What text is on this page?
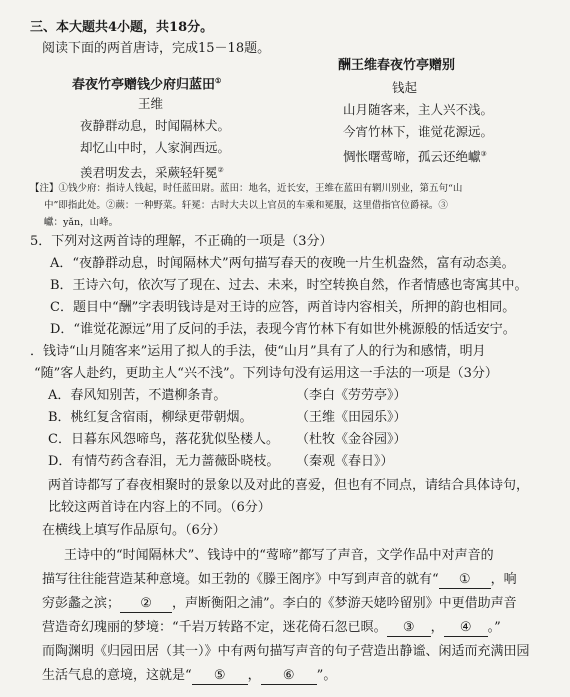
三、本大题共4小题，共18分。
阅读下面的两首唐诗，完成15－18题。
春夜竹亭赠钱少府归蓝田①
王维
夜静群动息，时闻隔林犬。
却忆山中时，人家涧西远。
羡君明发去，采蕨轻轩冕②
酬王维春夜竹亭赠别
钱起
山月随客来，主人兴不浅。
今宵竹林下，谁觉花源远。
惆怅曙莺啼，孤云还绝巘③
【注】①钱少府：指诗人钱起，时任蓝田尉。蓝田：地名，近长安，王维在蓝田有辋川别业，第五句“山
中”即指此处。②蕨：一种野菜。轩冕：古时大夫以上官员的车乘和冕服，这里借指官位爵禄。③
巘：yǎn，山峰。
5．下列对这两首诗的理解，不正确的一项是（3分）
A．“夜静群动息，时闻隔林犬”两句描写春天的夜晚一片生机盎然，富有动态美。
B．王诗六句，依次写了现在、过去、未来，时空转换自然，作者情感也寄寓其中。
C．题目中“酬”字表明钱诗是对王诗的应答，两首诗内容相关，所押的韵也相同。
D．“谁觉花源远”用了反问的手法，表现今宵竹林下有如世外桃源般的恬适安宁。
．钱诗“山月随客来”运用了拟人的手法，使“山月”具有了人的行为和感情，明月
“随”客人赴约，更助主人“兴不浅”。下列诗句没有运用这一手法的一项是（3分）
A．春风知别苦，不遣柳条青。	（李白《劳劳亭》）
B．桃红复含宿雨，柳绿更带朝烟。	（王维《田园乐》）
C．日暮东风怨啼鸟，落花犹似坠楼人。 （杜牧《金谷园》）
D．有情芍药含春泪，无力蔷薇卧晓枝。 （秦观《春日》）
两首诗都写了春夜相聚时的景象以及对此的喜爱，但也有不同点，请结合具体诗句，
比较这两首诗在内容上的不同。（6分）
在横线上填写作品原句。（6分）
王诗中的“时闻隔林犬”、钱诗中的“莺啼”都写了声音，文学作品中对声音的
描写往往能营造某种意境。如王勃的《滕王阁序》中写到声音的就有“ ① ，响
穷彭蠡之滨； ② ，声断衡阳之浦”。李白的《梦游天姥吟留别》中更借助声音
营造奇幻瑰丽的梦境：“千岩万转路不定，迷花倚石忽已暝。 ③ ， ④ 。”
而陶渊明《归园田居（其一）》中有两句描写声音的句子营造出静谧、闲适而充满田园
生活气息的意境，这就是“ ⑤ ， ⑥ ”。
